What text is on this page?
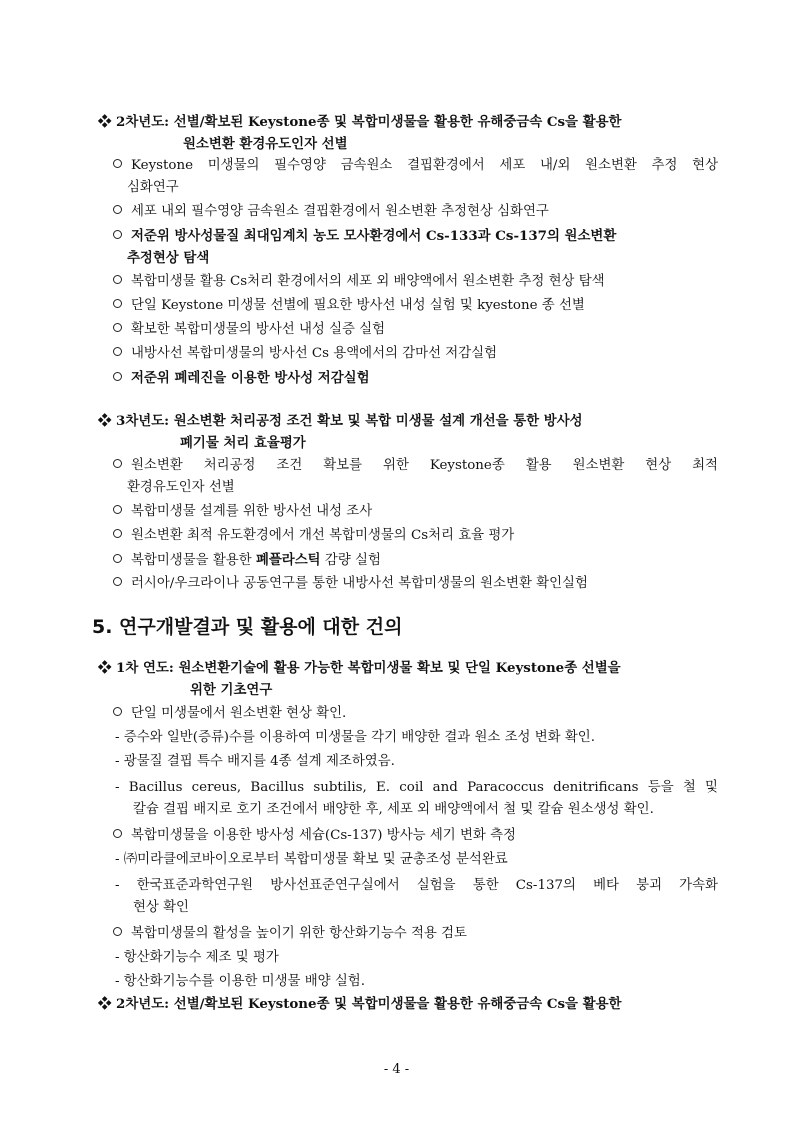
❖ 2차년도: 선별/확보된 Keystone종 및 복합미생물을 활용한 유해중금속 Cs을 활용한
원소변환 환경유도인자 선별
Keystone 미생물의 필수영양 금속원소 결핍환경에서 세포 내/외 원소변환 추정 현상
심화연구
세포 내외 필수영양 금속원소 결핍환경에서 원소변환 추정현상 심화연구
저준위 방사성물질 최대임계치 농도 모사환경에서 Cs-133과 Cs-137의 원소변환
추정현상 탐색
복합미생물 활용 Cs처리 환경에서의 세포 외 배양액에서 원소변환 추정 현상 탐색
단일 Keystone 미생물 선별에 필요한 방사선 내성 실험 및 kyestone 종 선별
확보한 복합미생물의 방사선 내성 실증 실험
내방사선 복합미생물의 방사선 Cs 용액에서의 감마선 저감실험
저준위 폐레진을 이용한 방사성 저감실험
❖ 3차년도: 원소변환 처리공정 조건 확보 및 복합 미생물 설계 개선을 통한 방사성
폐기물 처리 효율평가
원소변환 처리공정 조건 확보를 위한 Keystone종 활용 원소변환 현상 최적
환경유도인자 선별
복합미생물 설계를 위한 방사선 내성 조사
원소변환 최적 유도환경에서 개선 복합미생물의 Cs처리 효율 평가
복합미생물을 활용한 폐플라스틱 감량 실험
러시아/우크라이나 공동연구를 통한 내방사선 복합미생물의 원소변환 확인실험
❖ 1차 연도: 원소변환기술에 활용 가능한 복합미생물 확보 및 단일 Keystone종 선별을
위한 기초연구
단일 미생물에서 원소변환 현상 확인.
- 증수와 일반(증류)수를 이용하여 미생물을 각기 배양한 결과 원소 조성 변화 확인.
- 광물질 결핍 특수 배지를 4종 설계 제조하였음.
- Bacillus cereus, Bacillus subtilis, E. coil and Paracoccus denitrificans 등을 철 및
칼슘 결핍 배지로 호기 조건에서 배양한 후, 세포 외 배양액에서 철 및 칼슘 원소생성 확인.
복합미생물을 이용한 방사성 세슘(Cs-137) 방사능 세기 변화 측정
- ㈜미라클에코바이오로부터 복합미생물 확보 및 균총조성 분석완료
- 한국표준과학연구원 방사선표준연구실에서 실험을 통한 Cs-137의 베타 붕괴 가속화
현상 확인
복합미생물의 활성을 높이기 위한 항산화기능수 적용 검토
- 항산화기능수 제조 및 평가
- 항산화기능수를 이용한 미생물 배양 실험.
❖ 2차년도: 선별/확보된 Keystone종 및 복합미생물을 활용한 유해중금속 Cs을 활용한
5. 연구개발결과 및 활용에 대한 건의
- 4 -
